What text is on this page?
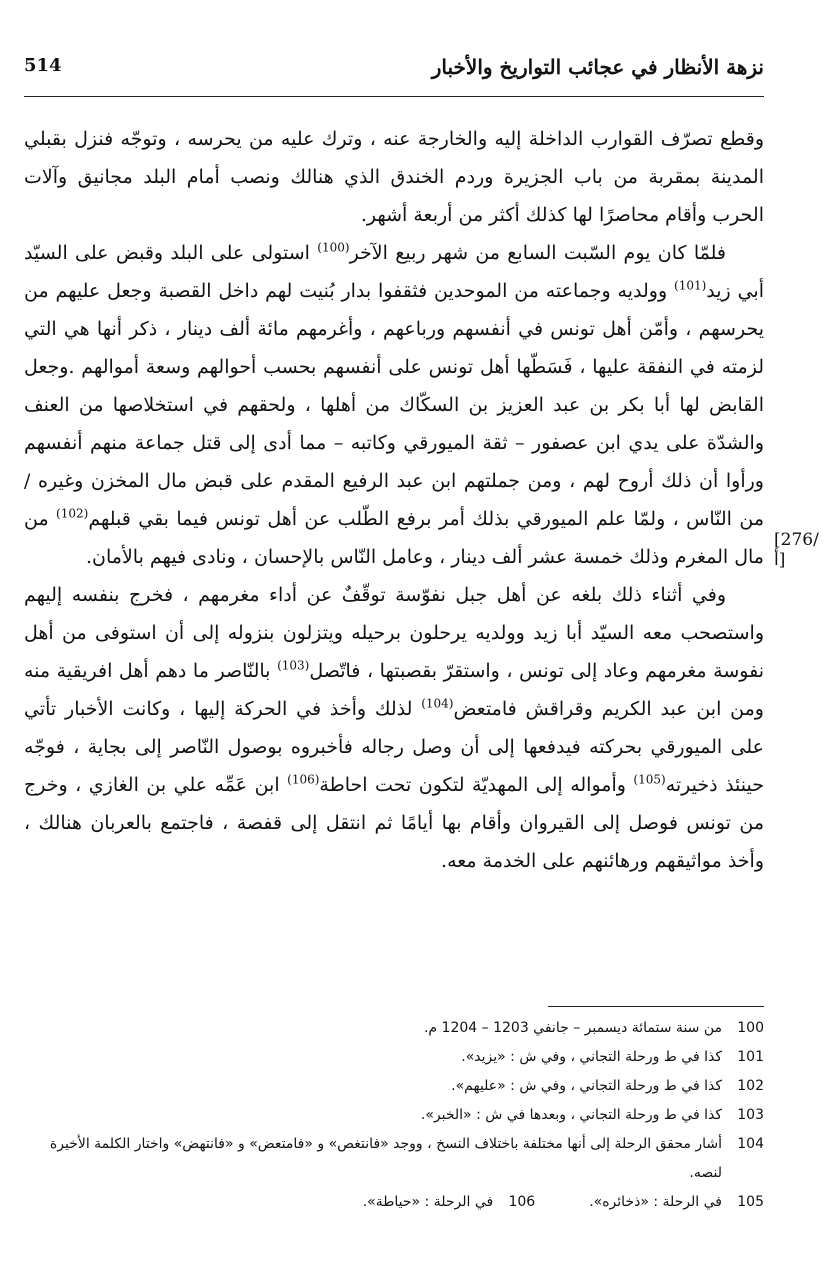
نزهة الأنظار في عجائب التواريخ والأخبار
514

وقطع تصرّف القوارب الداخلة إليه والخارجة عنه ، وترك عليه من يحرسه ، وتوجّه فنزل بقبلي المدينة بمقربة من باب الجزيرة وردم الخندق الذي هنالك ونصب أمام البلد مجانيق وآلات الحرب وأقام محاصرًا لها كذلك أكثر من أربعة أشهر.

فلمّا كان يوم السّبت السابع من شهر ربيع الآخر$^{(100)}$ استولى على البلد وقبض على السيّد أبي زيد$^{(101)}$ وولديه وجماعته من الموحدين فثقفوا بدار بُنيت لهم داخل القصبة وجعل عليهم من يحرسهم ، وأمّن أهل تونس في أنفسهم ورباعهم ، وأغرمهم مائة ألف دينار ، ذكر أنها هي التي لزمته في النفقة عليها ، فَسَطّها أهل تونس على أنفسهم بحسب أحوالهم وسعة أموالهم .وجعل القابض لها أبا بكر بن عبد العزيز بن السكّاك من أهلها ، ولحقهم في استخلاصها من العنف والشدّة على يدي ابن عصفور – ثقة الميورقي وكاتبه – مما أدى إلى قتل جماعة منهم أنفسهم ورأوا أن ذلك أروح لهم ، ومن جملتهم ابن عبد الرفيع المقدم على قبض مال المخزن وغيره / من النّاس ، ولمّا علم الميورقي بذلك أمر برفع الطّلب عن أهل تونس فيما بقي قبلهم$^{(102)}$ من مال المغرم وذلك خمسة عشر ألف دينار ، وعامل النّاس بالإحسان ، ونادى فيهم بالأمان.

وفي أثناء ذلك بلغه عن أهل جبل نفوّسة توقّفٌ عن أداء مغرمهم ، فخرج بنفسه إليهم واستصحب معه السيّد أبا زيد وولديه يرحلون برحيله ويتزلون بنزوله إلى أن استوفى من أهل نفوسة مغرمهم وعاد إلى تونس ، واستقرّ بقصبتها ، فاتّصل$^{(103)}$ بالنّاصر ما دهم أهل افريقية منه ومن ابن عبد الكريم وقراقش فامتعض$^{(104)}$ لذلك وأخذ في الحركة إليها ، وكانت الأخبار تأتي على الميورقي بحركته فيدفعها إلى أن وصل رجاله فأخبروه بوصول النّاصر إلى بجاية ، فوجّه حينئذ ذخيرته$^{(105)}$ وأمواله إلى المهديّة لتكون تحت احاطة$^{(106)}$ ابن عَمِّه علي بن الغازي ، وخرج من تونس فوصل إلى القيروان وأقام بها أيامًا ثم انتقل إلى قفصة ، فاجتمع بالعربان هنالك ، وأخذ مواثيقهم ورهائنهم على الخدمة معه.

[276/أ]
100
من سنة ستمائة ديسمبر – جانفي 1203 – 1204 م.
101
كذا في ط ورحلة التجاني ، وفي ش : «يزيد».
102
كذا في ط ورحلة التجاني ، وفي ش : «عليهم».
103
كذا في ط ورحلة التجاني ، وبعدها في ش : «الخبر».
104
أشار محقق الرحلة إلى أنها مختلفة باختلاف النسخ ، ووجد «فانتغص» و «فامتعض» و «فانتهض» واختار الكلمة الأخيرة لنصه.
105
في الرحلة : «ذخائره».
106
في الرحلة : «حياطة».
